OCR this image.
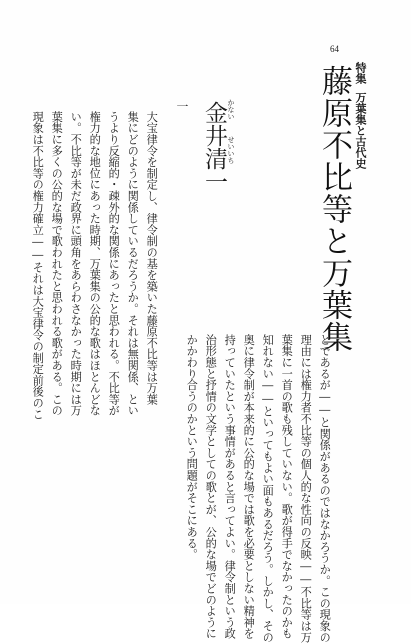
64
特集万葉集と古代史
藤原不比等と万葉集
かないせいいち
金井清一
一
大宝律令を制定し、律令制の基を築いた藤原不比等は万葉
集にどのように関係しているだろうか。それは無関係、とい
うより反縮的・疎外的な関係にあったと思われる。不比等が
権力的な地位にあった時期、万葉集の公的な歌はほとんどな
い。不比等が未だ政界に頭角をあらわさなかった時期には万
葉集に多くの公的な場で歌われたと思われる歌がある。この
現象は不比等の権力確立――それは大宝律令の制定前後のこ
とであるが――と関係があるのではなかろうか。この現象の
理由には権力者不比等の個人的な性向の反映――不比等は万
葉集に一首の歌も残していない。歌が得手でなかったのかも
知れない――といってもよい面もあるだろう。しかし、その
奥に律令制が本来的に公的な場では歌を必要としない精神を
持っていたという事情があると言ってよい。律令制という政
治形態と抒情の文学としての歌とが、公的な場でどのように
かかわり合うのかという問題がそこにある。
